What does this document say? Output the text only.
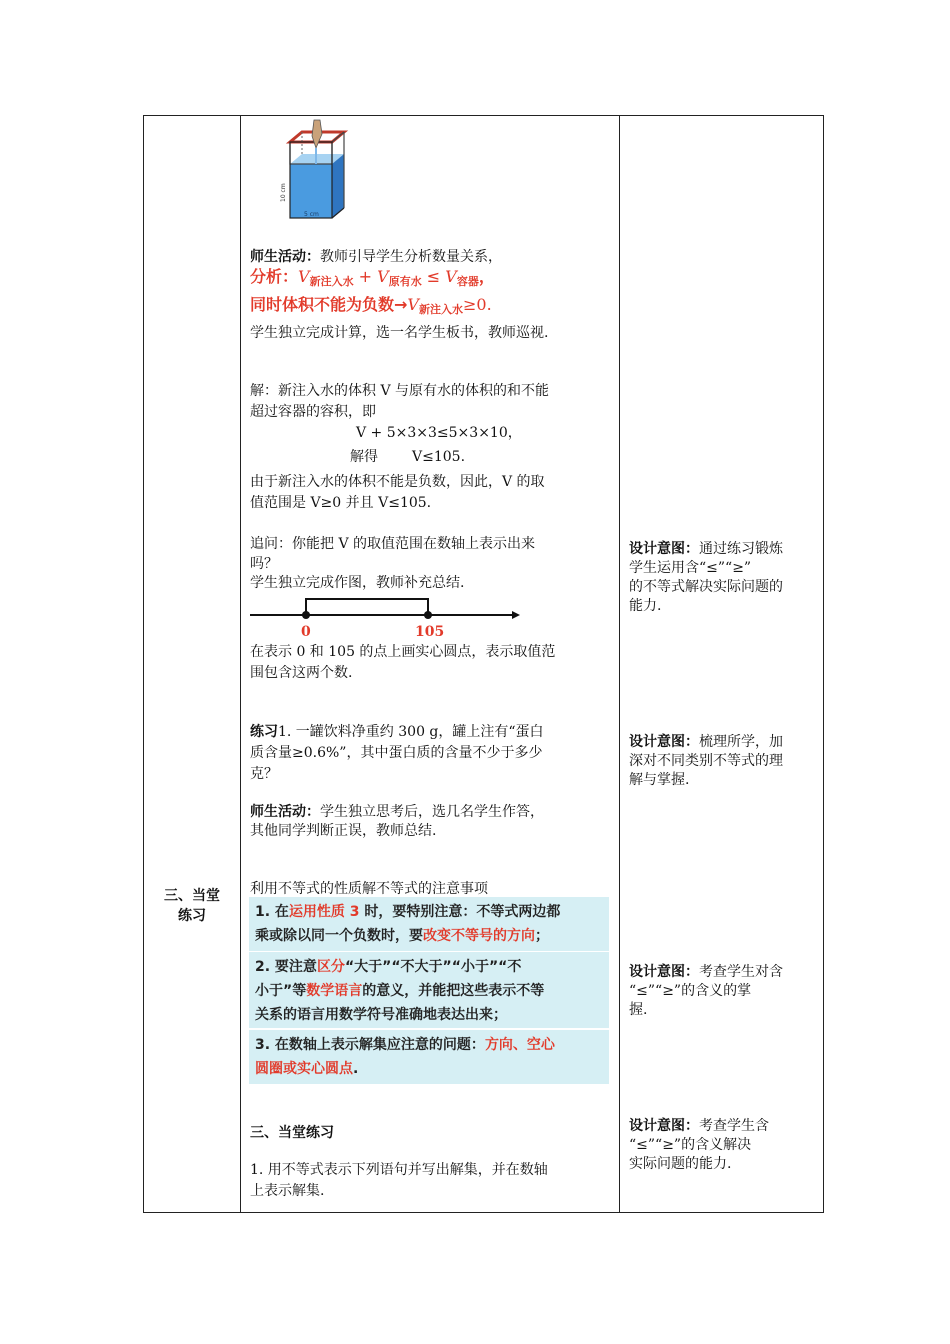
三、当堂
练习
10 cm
5 cm
师生活动：教师引导学生分析数量关系，
分析：$V_{新注入水} + V_{原有水} \le V_{容器}$，
同时体积不能为负数$\to V_{新注入水}\ge 0$.
学生独立完成计算，选一名学生板书，教师巡视.
解：新注入水的体积 V 与原有水的体积的和不能
超过容器的容积，即
V + 5×3×3≤5×3×10，
解得 V≤105.
由于新注入水的体积不能是负数，因此，V 的取
值范围是 V≥0 并且 V≤105.
追问：你能把 V 的取值范围在数轴上表示出来
吗？
学生独立完成作图，教师补充总结.
0	105
在表示 0 和 105 的点上画实心圆点，表示取值范
围包含这两个数.
练习1. 一罐饮料净重约 300 g，罐上注有“蛋白
质含量≥0.6%”，其中蛋白质的含量不少于多少
克？
师生活动：学生独立思考后，选几名学生作答，
其他同学判断正误，教师总结.
利用不等式的性质解不等式的注意事项
1. 在运用性质 3 时，要特别注意：不等式两边都
乘或除以同一个负数时，要改变不等号的方向；
2. 要注意区分“大于”“不大于”“小于”“不
小于”等数学语言的意义，并能把这些表示不等
关系的语言用数学符号准确地表达出来；
3. 在数轴上表示解集应注意的问题：方向、空心
圆圈或实心圆点.
三、当堂练习
1. 用不等式表示下列语句并写出解集，并在数轴
上表示解集.
设计意图：通过练习锻炼
学生运用含“≤”“≥”
的不等式解决实际问题的
能力.
设计意图：梳理所学，加
深对不同类别不等式的理
解与掌握.
设计意图：考查学生对含
“≤”“≥”的含义的掌
握.
设计意图：考查学生含
“≤”“≥”的含义解决
实际问题的能力.
